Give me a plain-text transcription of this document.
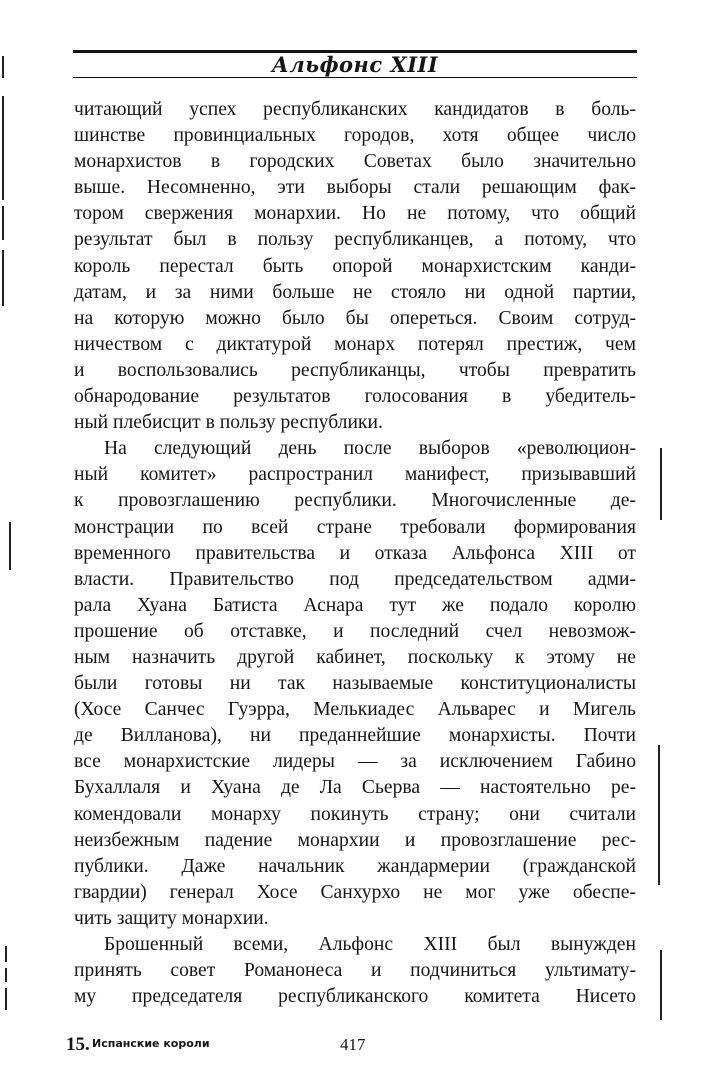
Альфонс XIII

читающий успех республиканских кандидатов в боль-
шинстве провинциальных городов, хотя общее число
монархистов в городских Советах было значительно
выше. Несомненно, эти выборы стали решающим фак-
тором свержения монархии. Но не потому, что общий
результат был в пользу республиканцев, а потому, что
король перестал быть опорой монархистским канди-
датам, и за ними больше не стояло ни одной партии,
на которую можно было бы опереться. Своим сотруд-
ничеством с диктатурой монарх потерял престиж, чем
и воспользовались республиканцы, чтобы превратить
обнародование результатов голосования в убедитель-
ный плебисцит в пользу республики.

На следующий день после выборов «революцион-
ный комитет» распространил манифест, призывавший
к провозглашению республики. Многочисленные де-
монстрации по всей стране требовали формирования
временного правительства и отказа Альфонса XIII от
власти. Правительство под председательством адми-
рала Хуана Батиста Аснара тут же подало королю
прошение об отставке, и последний счел невозмож-
ным назначить другой кабинет, поскольку к этому не
были готовы ни так называемые конституционалисты
(Хосе Санчес Гуэрра, Мелькиадес Альварес и Мигель
де Вилланова), ни преданнейшие монархисты. Почти
все монархистские лидеры — за исключением Габино
Бухаллаля и Хуана де Ла Сьерва — настоятельно ре-
комендовали монарху покинуть страну; они считали
неизбежным падение монархии и провозглашение рес-
публики. Даже начальник жандармерии (гражданской
гвардии) генерал Хосе Санхурхо не мог уже обеспе-
чить защиту монархии.

Брошенный всеми, Альфонс XIII был вынужден
принять совет Романонеса и подчиниться ультимату-
му председателя республиканского комитета Нисето

15. Испанские короли	417
